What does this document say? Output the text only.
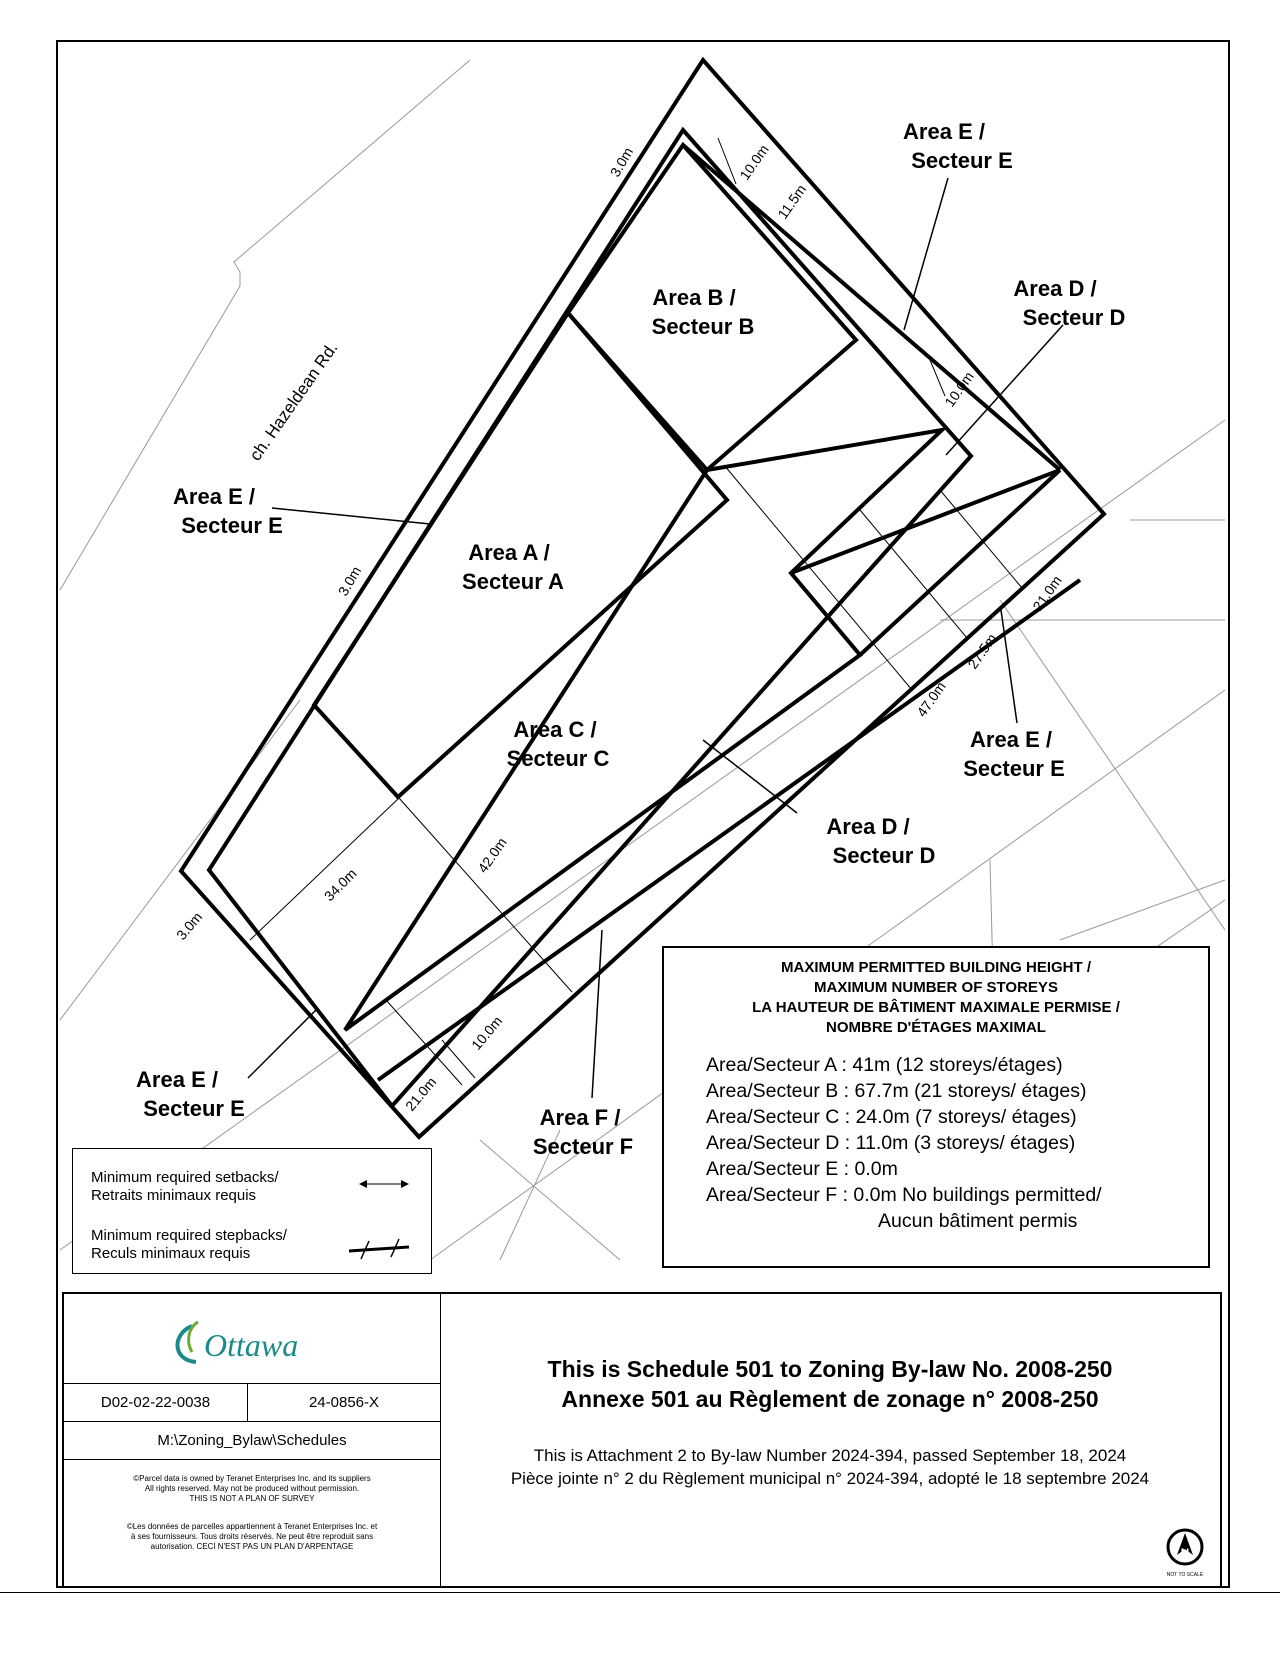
Area A / Secteur A
Area B / Secteur B
Area C / Secteur C
Area D / Secteur D
Area D / Secteur D
Area E / Secteur E
Area E / Secteur E
Area E / Secteur E
Area E / Secteur E	Area F / Secteur F
ch. Hazeldean Rd.
3.0m	10.0m
11.5m
10.0m
3.0m	21.0m
27.5m
47.0m
34.0m
42.0m
3.0m
10.0m
21.0m
MAXIMUM PERMITTED BUILDING HEIGHT /
MAXIMUM NUMBER OF STOREYS
LA HAUTEUR DE BÂTIMENT MAXIMALE PERMISE /
NOMBRE D'ÉTAGES MAXIMAL
Area/Secteur A : 41m (12 storeys/étages)
Area/Secteur B : 67.7m (21 storeys/ étages)
Area/Secteur C : 24.0m (7 storeys/ étages)
Area/Secteur D : 11.0m (3 storeys/ étages)
Area/Secteur E : 0.0m
Area/Secteur F : 0.0m No buildings permitted/
Aucun bâtiment permis
Minimum required setbacks/
Retraits minimaux requis
Minimum required stepbacks/
Reculs minimaux requis
Ottawa
D02-02-22-0038	24-0856-X
M:\Zoning_Bylaw\Schedules
©Parcel data is owned by Teranet Enterprises Inc. and its suppliers
All rights reserved. May not be produced without permission.
THIS IS NOT A PLAN OF SURVEY
©Les données de parcelles appartiennent à Teranet Enterprises Inc. et
à ses fournisseurs. Tous droits réservés. Ne peut être reproduit sans
autorisation. CECI N'EST PAS UN PLAN D'ARPENTAGE
This is Schedule 501 to Zoning By-law No. 2008-250
Annexe 501 au Règlement de zonage n° 2008-250
This is Attachment 2 to By-law Number 2024-394, passed September 18, 2024
Pièce jointe n° 2 du Règlement municipal n° 2024-394, adopté le 18 septembre 2024
N
NOT TO SCALE
